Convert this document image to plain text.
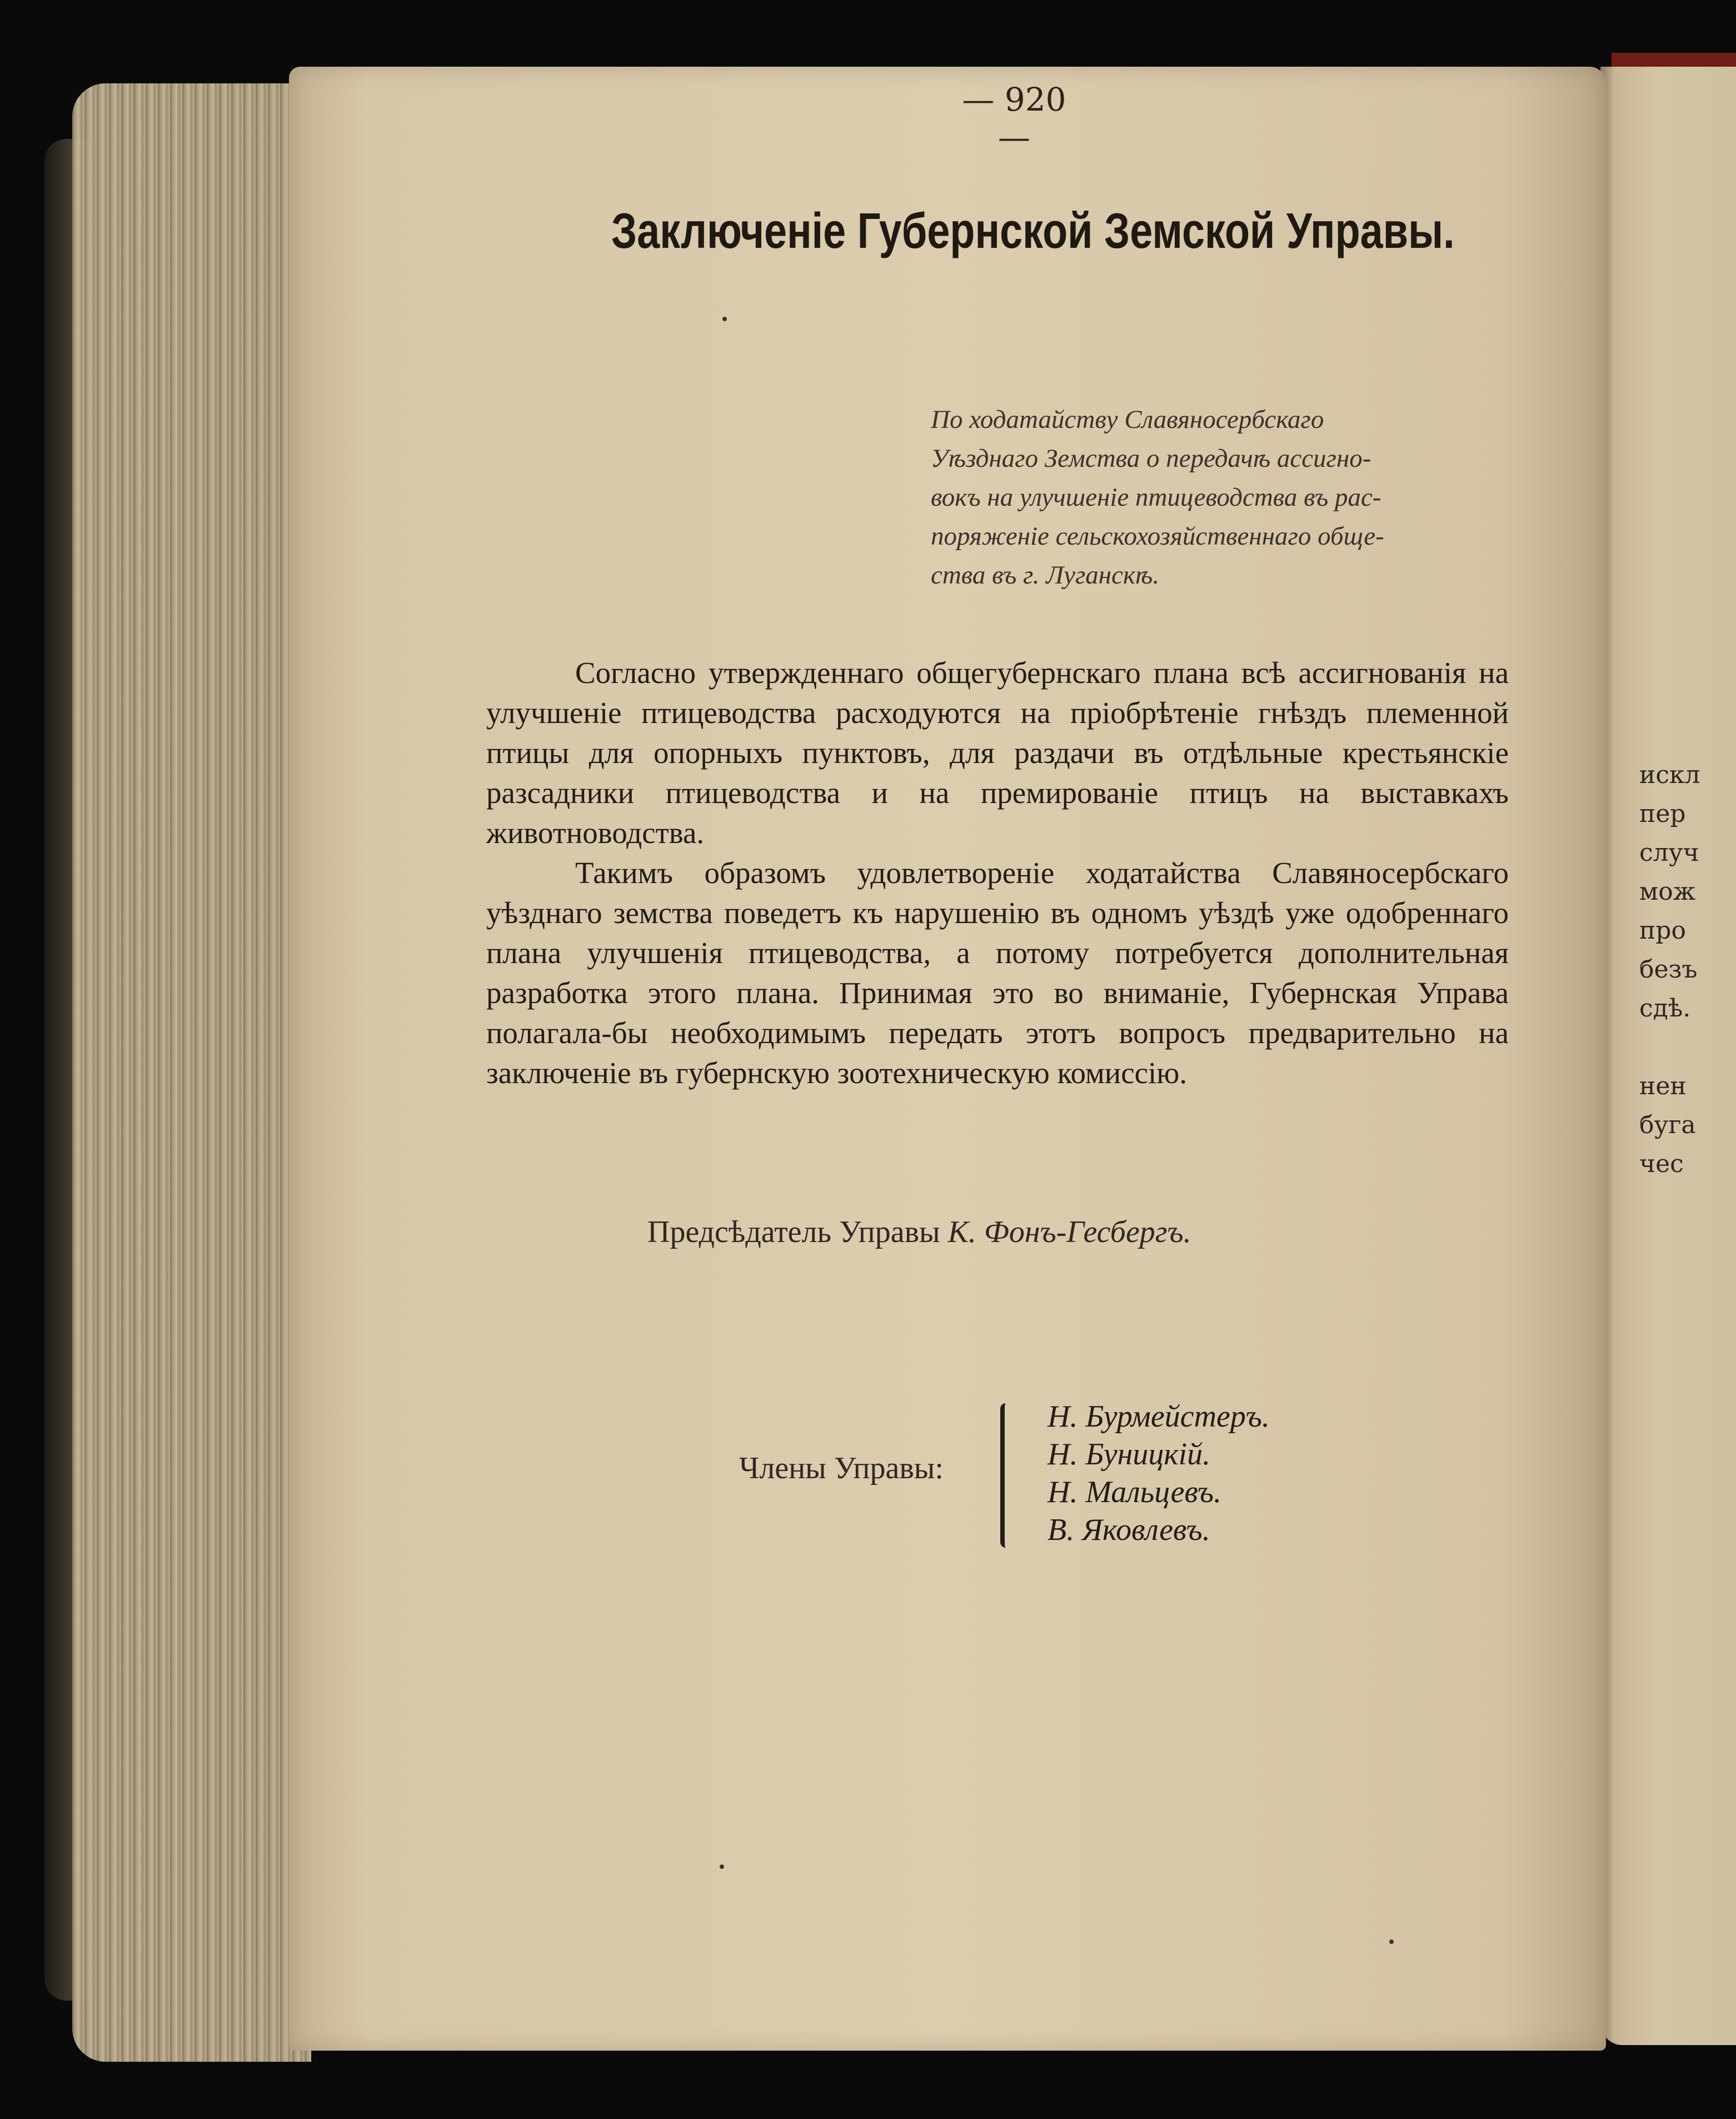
искл
пер
случ
мож
про
безъ
сдѣ.
нен
буга
чес
— 920 —
Заключенiе Губернской Земской Управы.

По ходатайству Славяносербскаго

Уѣзднаго Земства о передачѣ ассигно-

вокъ на улучшенiе птицеводства въ рас-

поряженiе сельскохозяйственнаго обще-

ства въ г. Луганскѣ.

Согласно утвержденнаго общегубернскаго плана всѣ ассигнованiя на улучшенiе птицеводства расходуются на прiобрѣтенiе гнѣздъ племенной птицы для опорныхъ пунктовъ, для раздачи въ отдѣльные крестьянскiе разсадники птицеводства и на премированiе птицъ на выставкахъ животноводства.

Такимъ образомъ удовлетворенiе ходатайства Славяносербскаго уѣзднаго земства поведетъ къ нарушенiю въ одномъ уѣздѣ уже одобреннаго плана улучшенiя птицеводства, а потому потребуется дополнительная разработка этого плана. Принимая это во вниманiе, Губернская Управа полагала-бы необходимымъ передать этотъ вопросъ предварительно на заключенiе въ губернскую зоотехническую комиссiю.

Предсѣдатель Управы К. Фонъ-Гесбергъ.
Члены Управы:
Н. Бурмейстеръ.
Н. Буницкiй.
Н. Мальцевъ.
В. Яковлевъ.
